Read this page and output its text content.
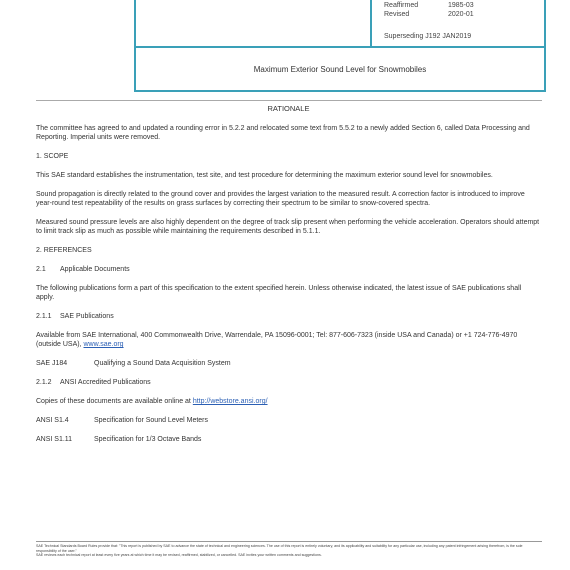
Reaffirmed	1985-03
Revised	2020-01
Superseding J192 JAN2019
Maximum Exterior Sound Level for Snowmobiles

RATIONALE

The committee has agreed to and updated a rounding error in 5.2.2 and relocated some text from 5.5.2 to a newly added Section 6, called Data Processing and Reporting. Imperial units were removed.

1. SCOPE

This SAE standard establishes the instrumentation, test site, and test procedure for determining the maximum exterior sound level for snowmobiles.

Sound propagation is directly related to the ground cover and provides the largest variation to the measured result. A correction factor is introduced to improve year-round test repeatability of the results on grass surfaces by correcting their spectrum to be similar to snow-covered spectra.

Measured sound pressure levels are also highly dependent on the degree of track slip present when performing the vehicle acceleration. Operators should attempt to limit track slip as much as possible while maintaining the requirements described in 5.1.1.

2. REFERENCES

2.1 Applicable Documents

The following publications form a part of this specification to the extent specified herein. Unless otherwise indicated, the latest issue of SAE publications shall apply.

2.1.1 SAE Publications

Available from SAE International, 400 Commonwealth Drive, Warrendale, PA 15096-0001; Tel: 877-606-7323 (inside USA and Canada) or +1 724-776-4970 (outside USA), www.sae.org

SAE J184	Qualifying a Sound Data Acquisition System

2.1.2 ANSI Accredited Publications

Copies of these documents are available online at http://webstore.ansi.org/

ANSI S1.4	Specification for Sound Level Meters

ANSI S1.11	Specification for 1/3 Octave Bands

SAE Technical Standards Board Rules provide that: "This report is published by SAE to advance the state of technical and engineering sciences. The use of this report is entirely voluntary, and its applicability and suitability for any particular use, including any patent infringement arising therefrom, is the sole responsibility of the user."
SAE reviews each technical report at least every five years at which time it may be revised, reaffirmed, stabilized, or cancelled. SAE invites your written comments and suggestions.
